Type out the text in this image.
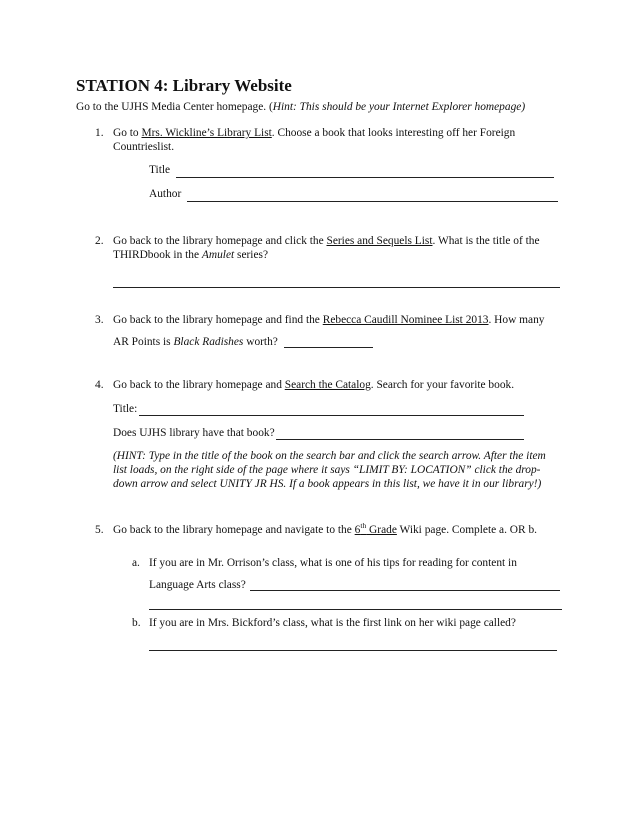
STATION 4: Library Website
Go to the UJHS Media Center homepage. (Hint: This should be your Internet Explorer homepage)
1. Go to Mrs. Wickline’s Library List. Choose a book that looks interesting off her Foreign
Countrieslist.
Title
Author
2. Go back to the library homepage and click the Series and Sequels List. What is the title of the
THIRDbook in the Amulet series?
3. Go back to the library homepage and find the Rebecca Caudill Nominee List 2013. How many
AR Points is Black Radishes worth?
4. Go back to the library homepage and Search the Catalog. Search for your favorite book.
Title:
Does UJHS library have that book?
(HINT: Type in the title of the book on the search bar and click the search arrow. After the item
list loads, on the right side of the page where it says “LIMIT BY: LOCATION” click the drop-
down arrow and select UNITY JR HS. If a book appears in this list, we have it in our library!)
5. Go back to the library homepage and navigate to the 6th Grade Wiki page. Complete a. OR b.
a. If you are in Mr. Orrison’s class, what is one of his tips for reading for content in
Language Arts class?
b. If you are in Mrs. Bickford’s class, what is the first link on her wiki page called?
